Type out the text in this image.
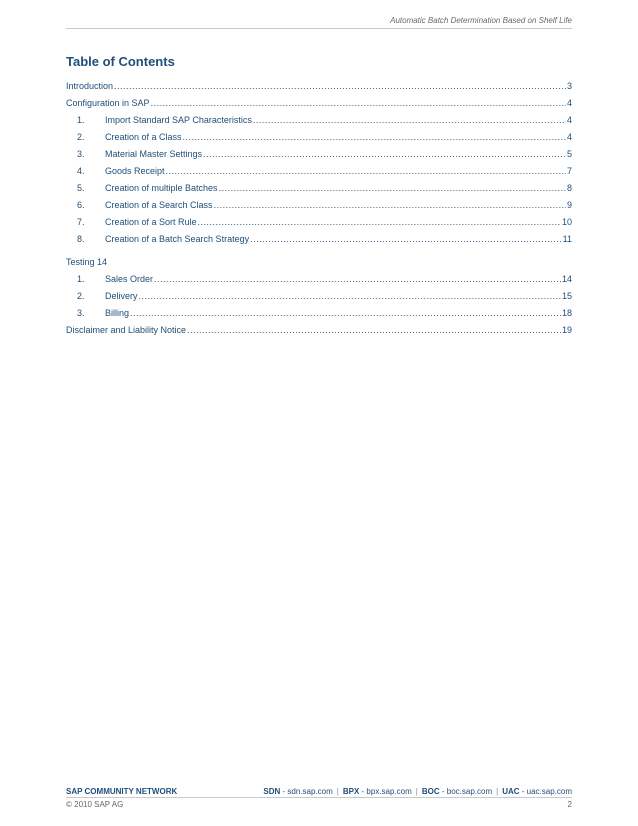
Automatic Batch Determination Based on Shelf Life
Table of Contents
Introduction .....	3
Configuration in SAP .....	4
1.	Import Standard SAP Characteristics .....	4
2.	Creation of a Class .....	4
3.	Material Master Settings .....	5
4.	Goods Receipt .....	7
5.	Creation of multiple Batches .....	8
6.	Creation of a Search Class .....	9
7.	Creation of a Sort Rule .....	10
8.	Creation of a Batch Search Strategy .....	11
Testing 14
1.	Sales Order .....	14
2.	Delivery .....	15
3.	Billing .....	18
Disclaimer and Liability Notice .....	19
SAP COMMUNITY NETWORK	SDN - sdn.sap.com | BPX - bpx.sap.com | BOC - boc.sap.com | UAC - uac.sap.com
© 2010 SAP AG	2
